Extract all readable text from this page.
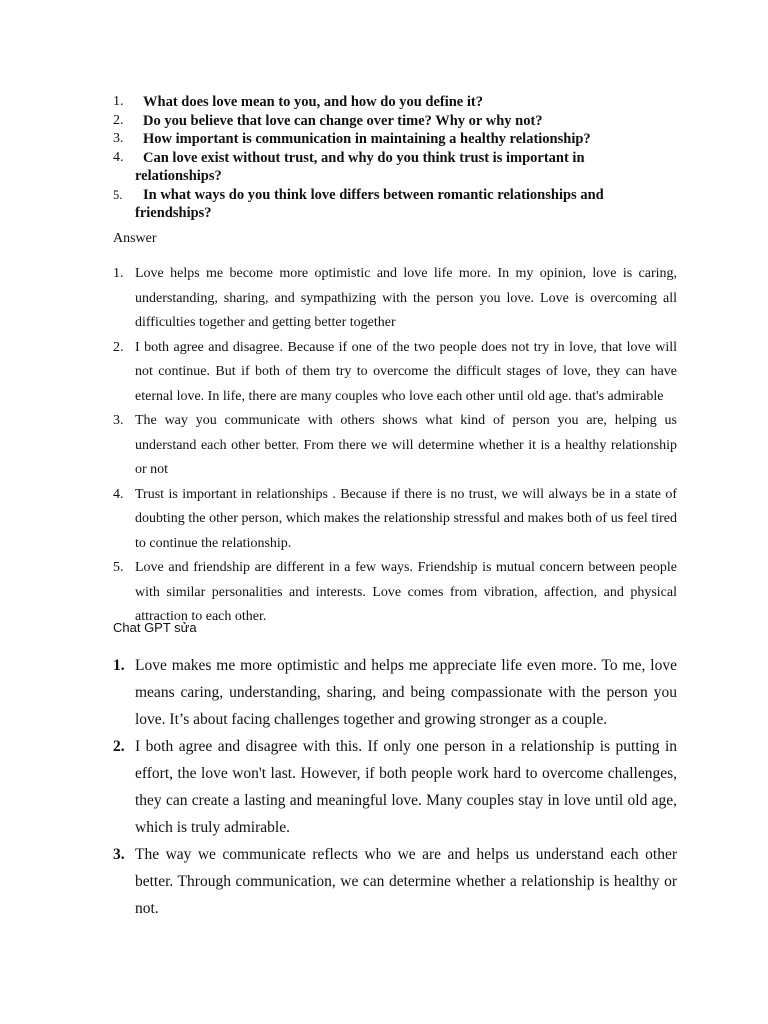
1.	What does love mean to you, and how do you define it?
2.	Do you believe that love can change over time? Why or why not?
3.	How important is communication in maintaining a healthy relationship?
4.	Can love exist without trust, and why do you think trust is important in relationships?
5.	In what ways do you think love differs between romantic relationships and friendships?
Answer
1. Love helps me become more optimistic and love life more. In my opinion, love is caring, understanding, sharing, and sympathizing with the person you love. Love is overcoming all difficulties together and getting better together
2. I both agree and disagree. Because if one of the two people does not try in love, that love will not continue. But if both of them try to overcome the difficult stages of love, they can have eternal love. In life, there are many couples who love each other until old age. that's admirable
3. The way you communicate with others shows what kind of person you are, helping us understand each other better. From there we will determine whether it is a healthy relationship or not
4. Trust is important in relationships . Because if there is no trust, we will always be in a state of doubting the other person, which makes the relationship stressful and makes both of us feel tired to continue the relationship.
5. Love and friendship are different in a few ways. Friendship is mutual concern between people with similar personalities and interests. Love comes from vibration, affection, and physical attraction to each other.
Chat GPT sửa
1. Love makes me more optimistic and helps me appreciate life even more. To me, love means caring, understanding, sharing, and being compassionate with the person you love. It’s about facing challenges together and growing stronger as a couple.
2. I both agree and disagree with this. If only one person in a relationship is putting in effort, the love won't last. However, if both people work hard to overcome challenges, they can create a lasting and meaningful love. Many couples stay in love until old age, which is truly admirable.
3. The way we communicate reflects who we are and helps us understand each other better. Through communication, we can determine whether a relationship is healthy or not.
